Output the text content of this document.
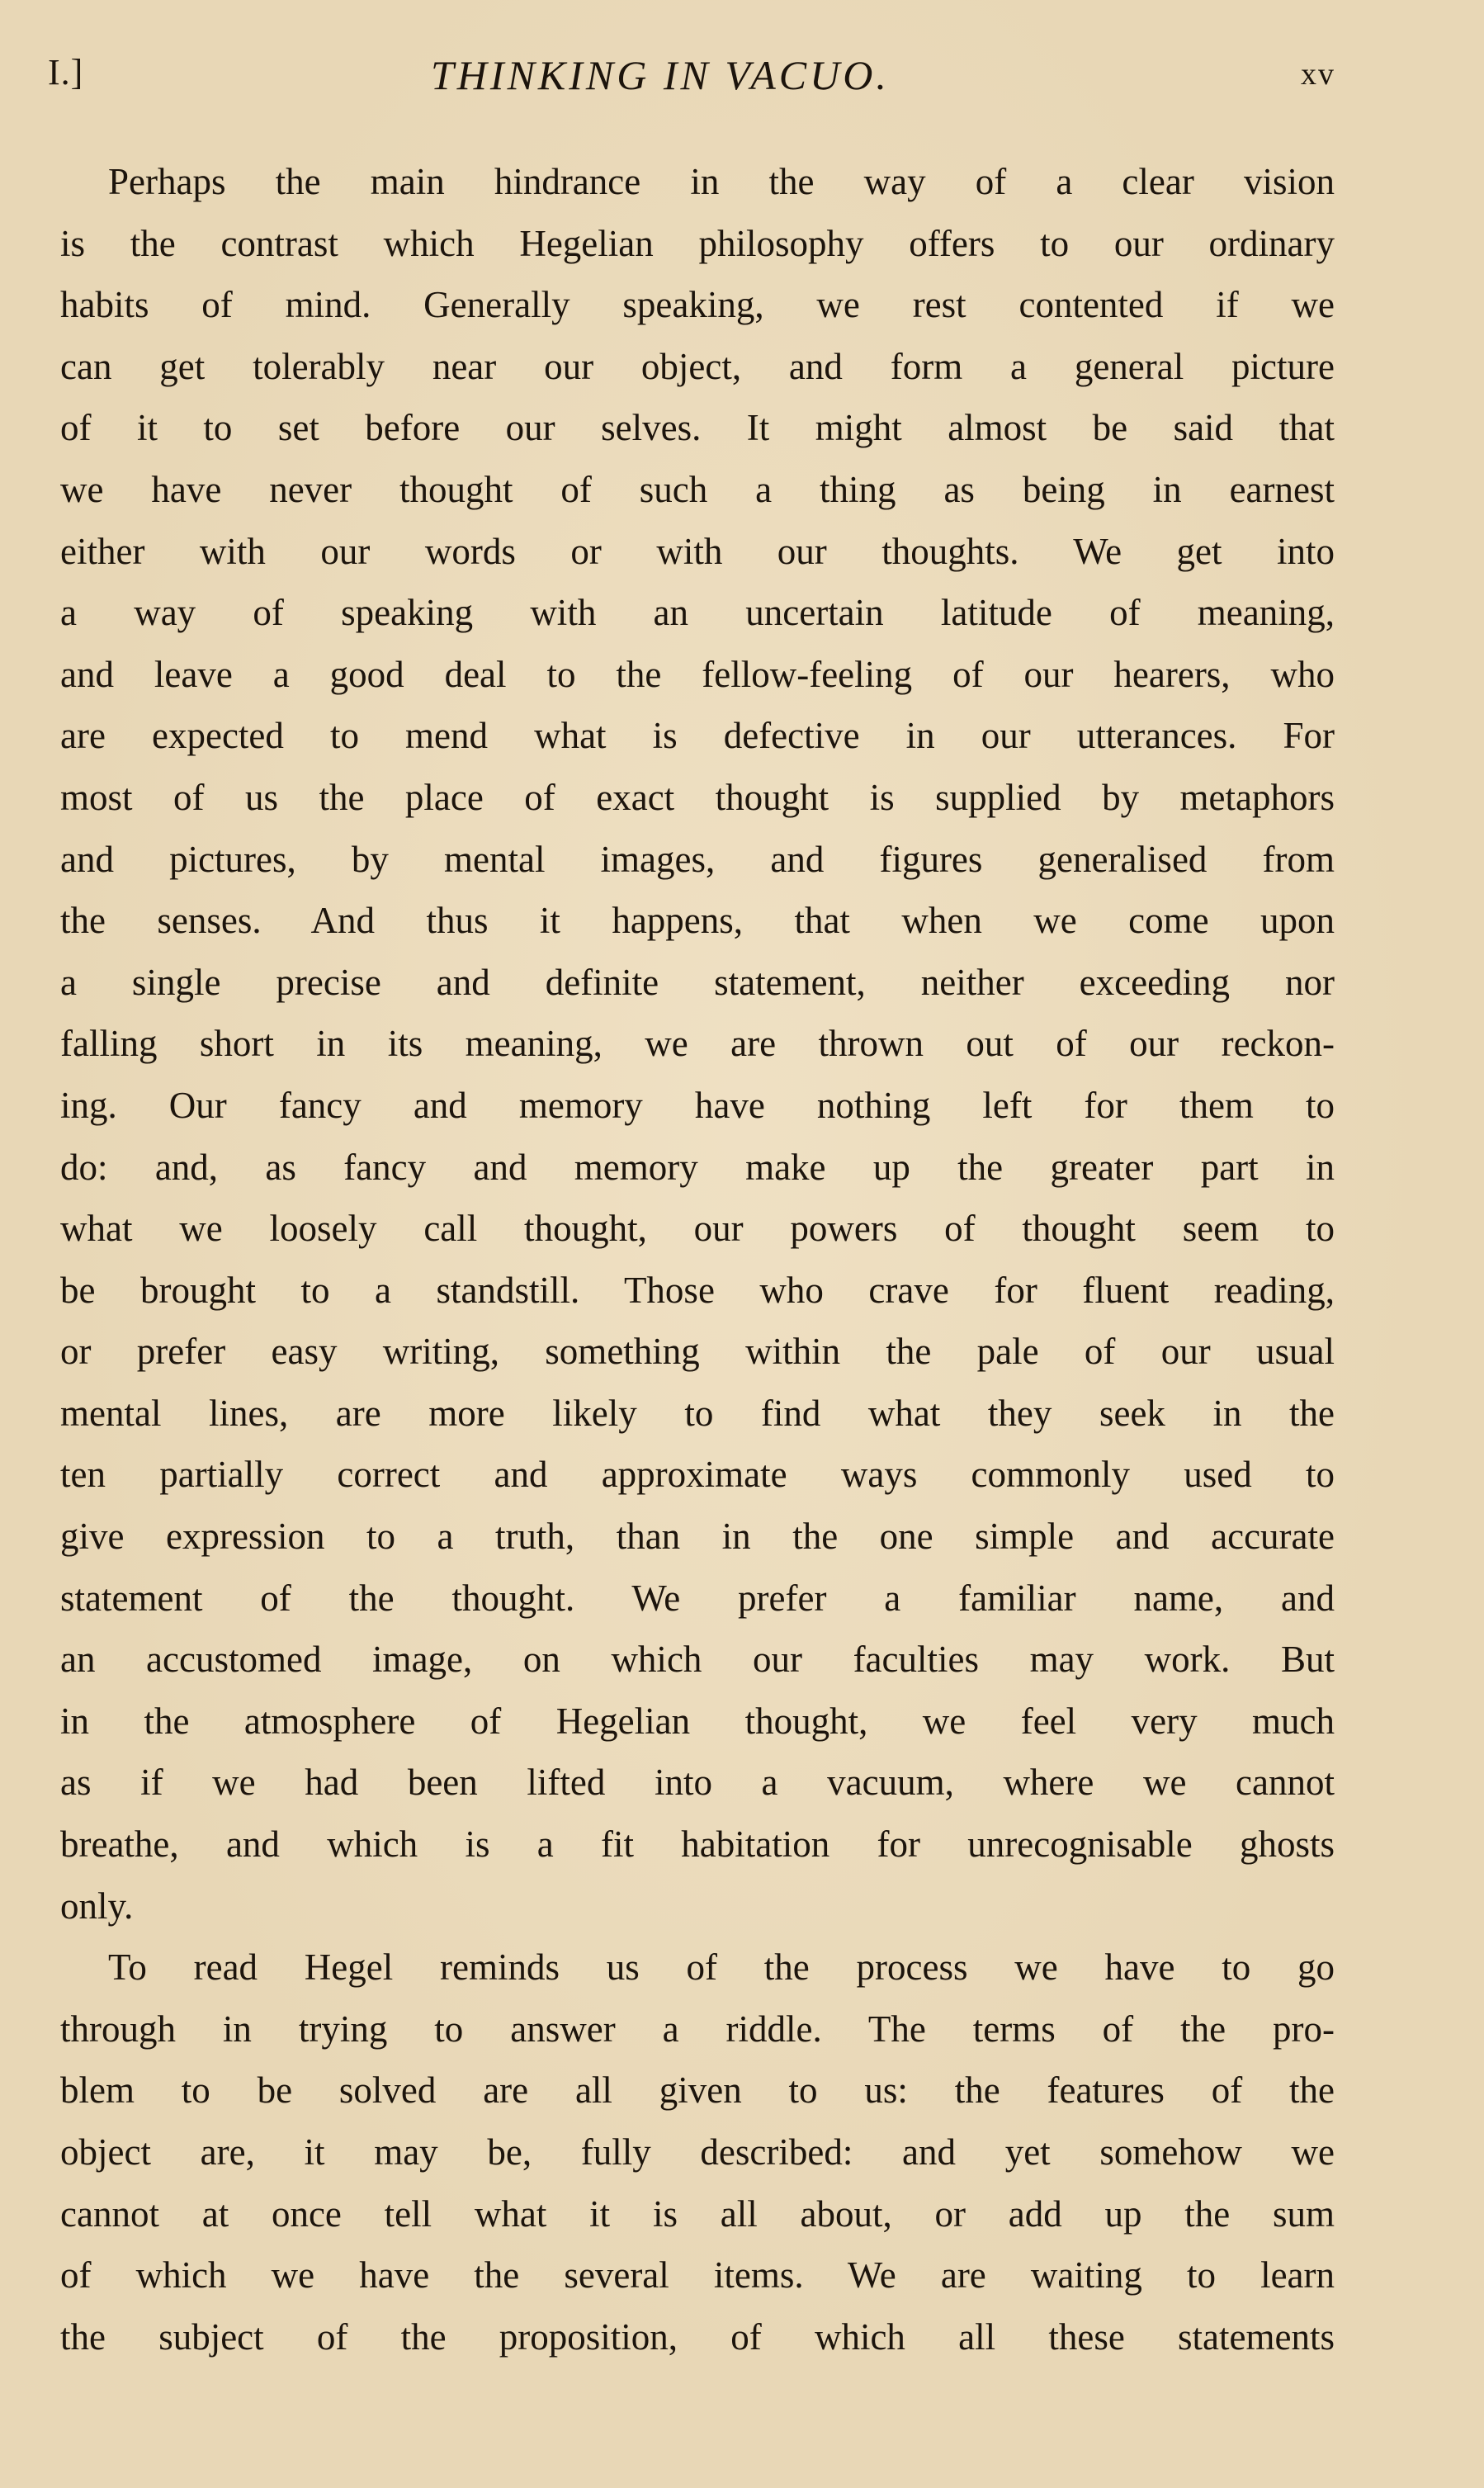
I.]	THINKING IN VACUO.	xv
Perhaps the main hindrance in the way of a clear vision
is the contrast which Hegelian philosophy offers to our ordinary
habits of mind. Generally speaking, we rest contented if we
can get tolerably near our object, and form a general picture
of it to set before our selves. It might almost be said that
we have never thought of such a thing as being in earnest
either with our words or with our thoughts. We get into
a way of speaking with an uncertain latitude of meaning,
and leave a good deal to the fellow-feeling of our hearers, who
are expected to mend what is defective in our utterances. For
most of us the place of exact thought is supplied by metaphors
and pictures, by mental images, and figures generalised from
the senses. And thus it happens, that when we come upon
a single precise and definite statement, neither exceeding nor
falling short in its meaning, we are thrown out of our reckon-
ing. Our fancy and memory have nothing left for them to
do: and, as fancy and memory make up the greater part in
what we loosely call thought, our powers of thought seem to
be brought to a standstill. Those who crave for fluent reading,
or prefer easy writing, something within the pale of our usual
mental lines, are more likely to find what they seek in the
ten partially correct and approximate ways commonly used to
give expression to a truth, than in the one simple and accurate
statement of the thought. We prefer a familiar name, and
an accustomed image, on which our faculties may work. But
in the atmosphere of Hegelian thought, we feel very much
as if we had been lifted into a vacuum, where we cannot
breathe, and which is a fit habitation for unrecognisable ghosts
only.
To read Hegel reminds us of the process we have to go
through in trying to answer a riddle. The terms of the pro-
blem to be solved are all given to us: the features of the
object are, it may be, fully described: and yet somehow we
cannot at once tell what it is all about, or add up the sum
of which we have the several items. We are waiting to learn
the subject of the proposition, of which all these statements
